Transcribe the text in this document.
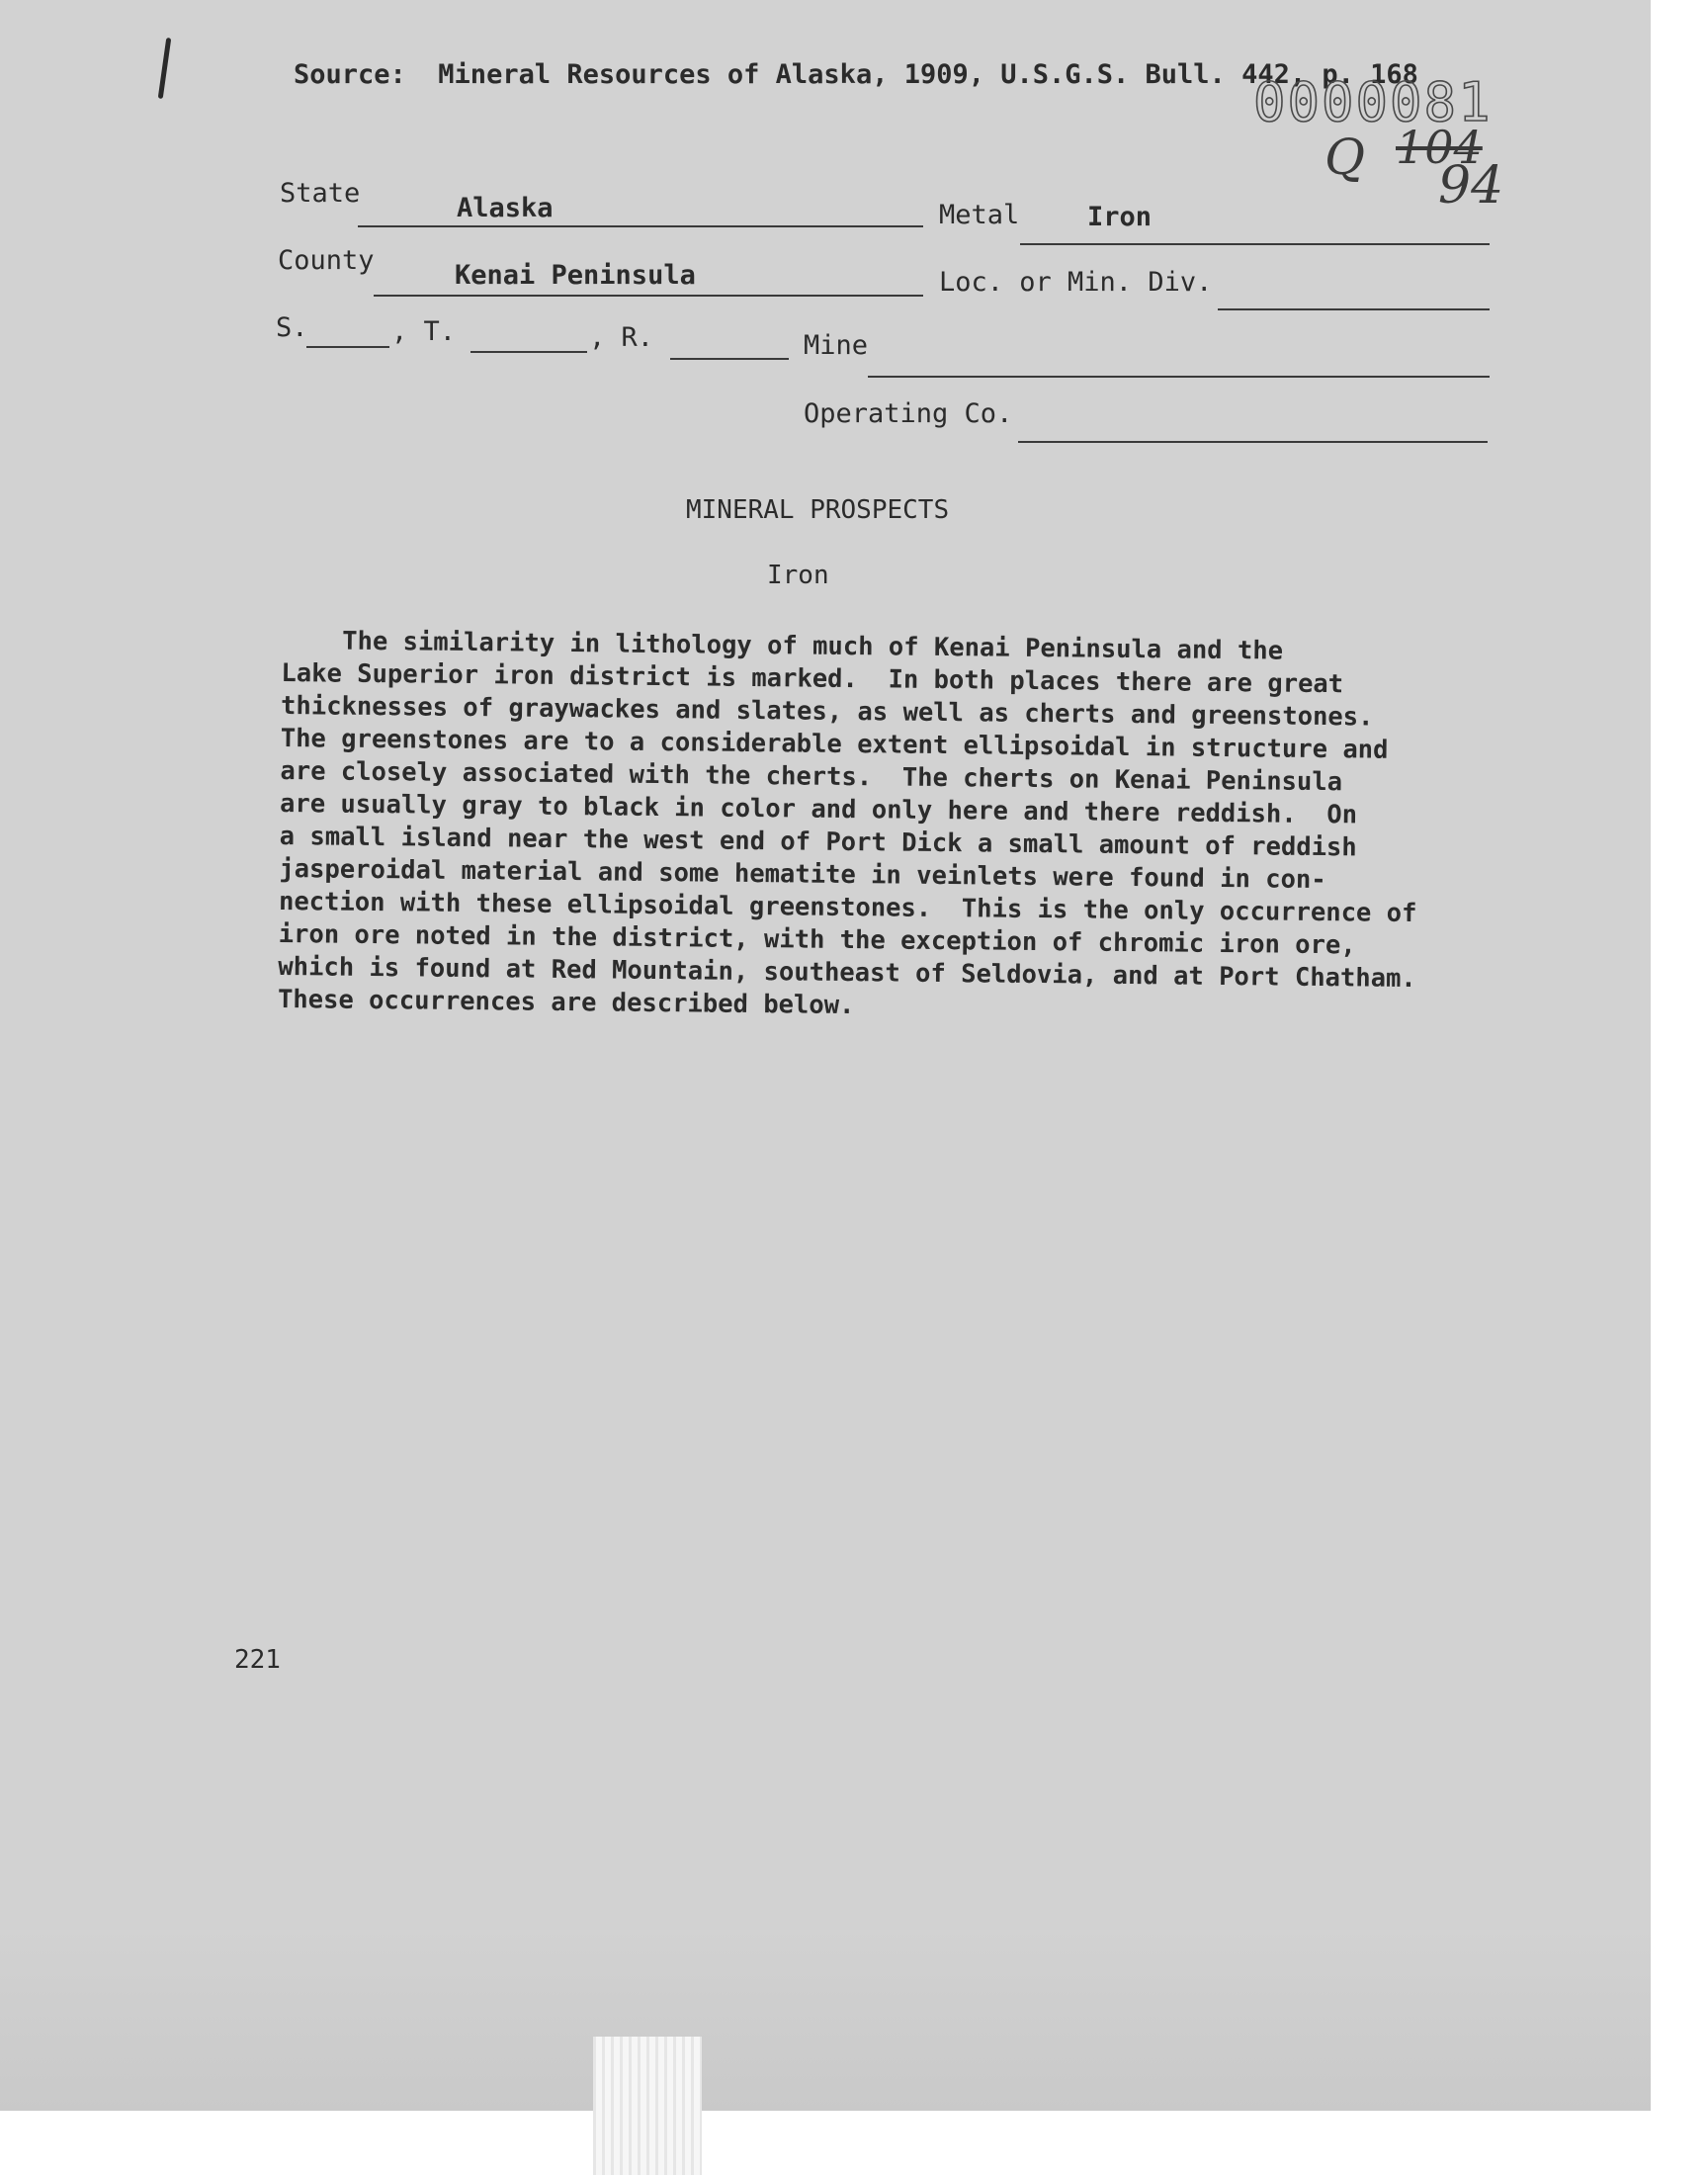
Source:  Mineral Resources of Alaska, 1909, U.S.G.S. Bull. 442, p. 168
0000081
Q 104
94
State	Alaska	Metal	Iron
County	Kenai Peninsula	Loc. or Min. Div.
S.	, T.	, R.	Mine
Operating Co.
MINERAL PROSPECTS
Iron
The similarity in lithology of much of Kenai Peninsula and the
Lake Superior iron district is marked.  In both places there are great
thicknesses of graywackes and slates, as well as cherts and greenstones.
The greenstones are to a considerable extent ellipsoidal in structure and
are closely associated with the cherts.  The cherts on Kenai Peninsula
are usually gray to black in color and only here and there reddish.  On
a small island near the west end of Port Dick a small amount of reddish
jasperoidal material and some hematite in veinlets were found in con-
nection with these ellipsoidal greenstones.  This is the only occurrence of
iron ore noted in the district, with the exception of chromic iron ore,
which is found at Red Mountain, southeast of Seldovia, and at Port Chatham.
These occurrences are described below.
221
